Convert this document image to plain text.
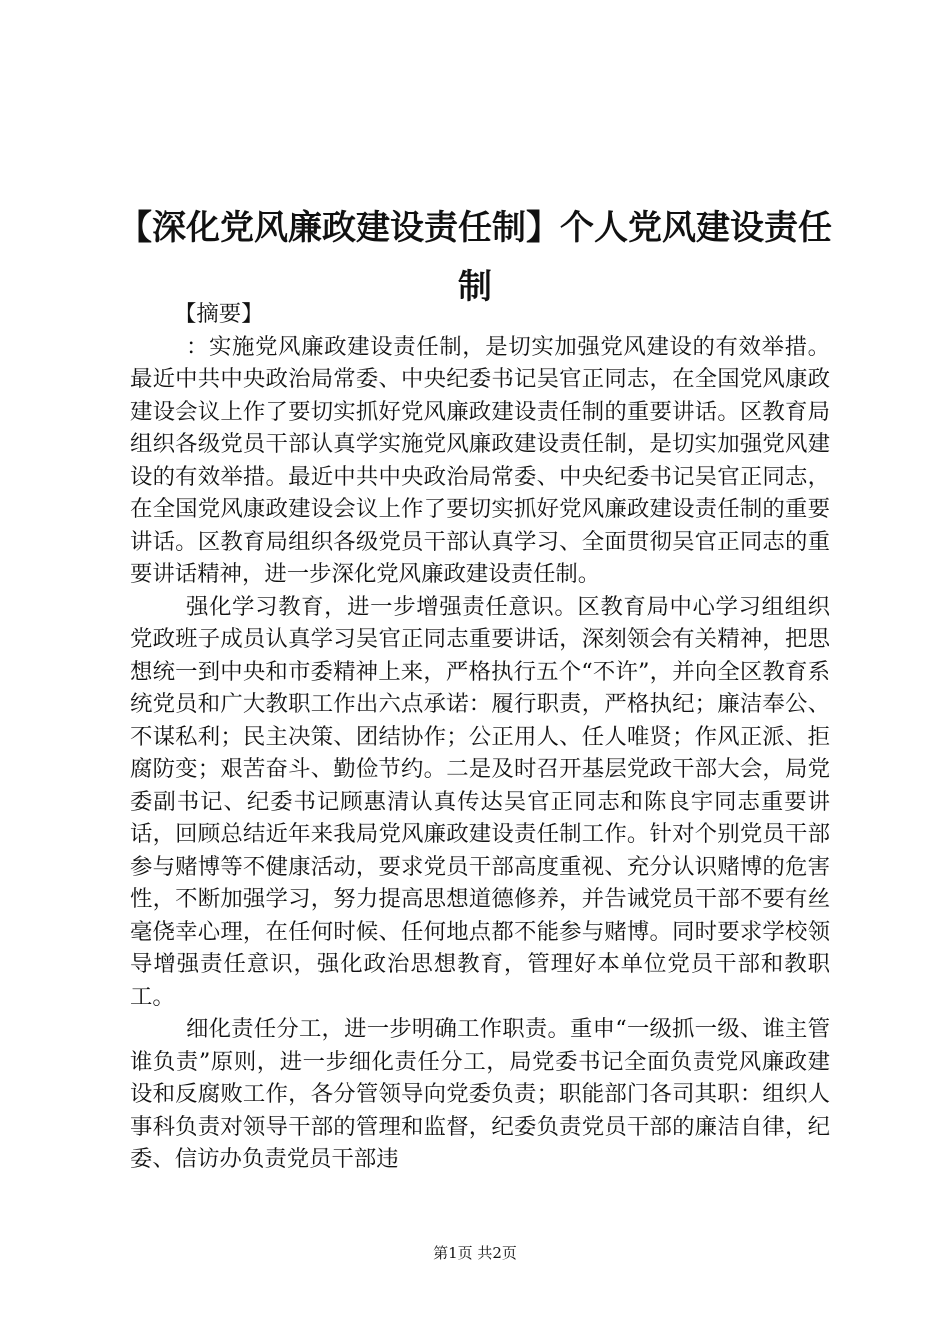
【深化党风廉政建设责任制】个人党风建设责任制

【摘要】

：实施党风廉政建设责任制，是切实加强党风建设的有效举措。最近中共中央政治局常委、中央纪委书记吴官正同志，在全国党风康政建设会议上作了要切实抓好党风廉政建设责任制的重要讲话。区教育局组织各级党员干部认真学实施党风廉政建设责任制，是切实加强党风建设的有效举措。最近中共中央政治局常委、中央纪委书记吴官正同志，在全国党风康政建设会议上作了要切实抓好党风廉政建设责任制的重要讲话。区教育局组织各级党员干部认真学习、全面贯彻吴官正同志的重要讲话精神，进一步深化党风廉政建设责任制。

强化学习教育，进一步增强责任意识。区教育局中心学习组组织党政班子成员认真学习吴官正同志重要讲话，深刻领会有关精神，把思想统一到中央和市委精神上来，严格执行五个“不许”，并向全区教育系统党员和广大教职工作出六点承诺：履行职责，严格执纪；廉洁奉公、不谋私利；民主决策、团结协作；公正用人、任人唯贤；作风正派、拒腐防变；艰苦奋斗、勤俭节约。二是及时召开基层党政干部大会，局党委副书记、纪委书记顾惠清认真传达吴官正同志和陈良宇同志重要讲话，回顾总结近年来我局党风廉政建设责任制工作。针对个别党员干部参与赌博等不健康活动，要求党员干部高度重视、充分认识赌博的危害性，不断加强学习，努力提高思想道德修养，并告诫党员干部不要有丝毫侥幸心理，在任何时候、任何地点都不能参与赌博。同时要求学校领导增强责任意识，强化政治思想教育，管理好本单位党员干部和教职工。

细化责任分工，进一步明确工作职责。重申“一级抓一级、谁主管谁负责”原则，进一步细化责任分工，局党委书记全面负责党风廉政建设和反腐败工作，各分管领导向党委负责；职能部门各司其职：组织人事科负责对领导干部的管理和监督，纪委负责党员干部的廉洁自律，纪委、信访办负责党员干部违

第1页 共2页
